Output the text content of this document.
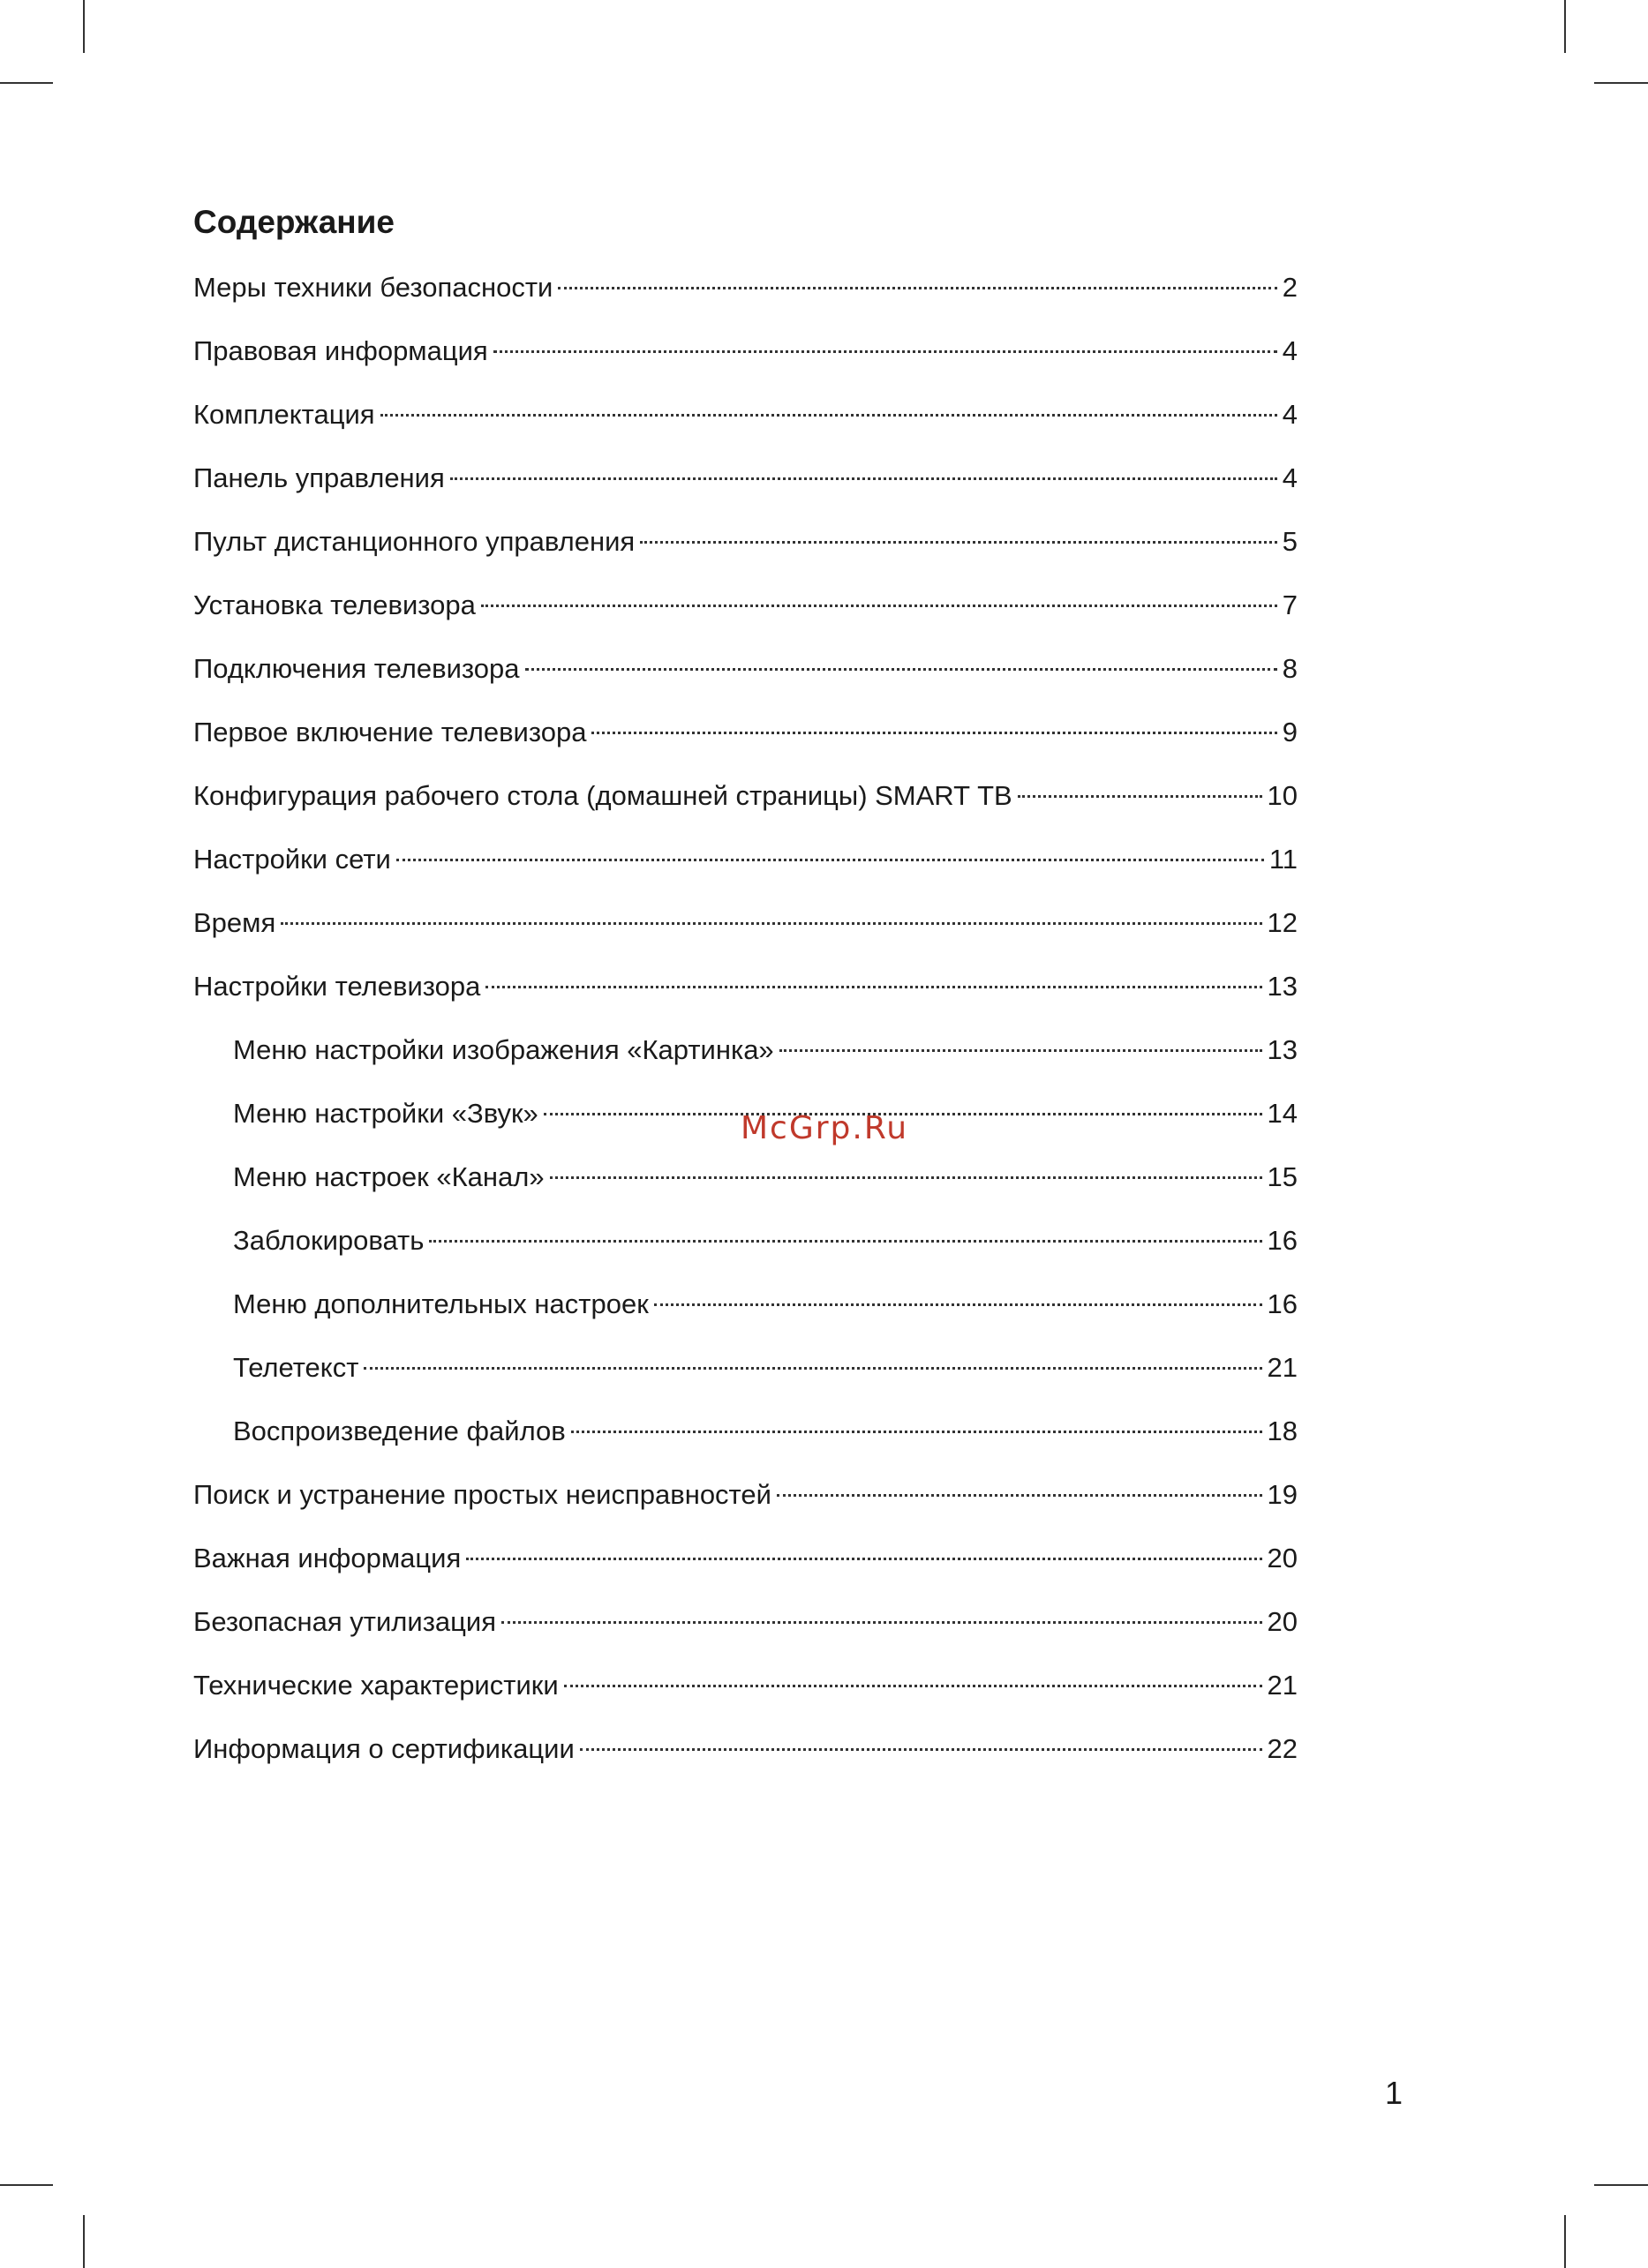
Содержание
Меры техники безопасности	2
Правовая информация	4
Комплектация	4
Панель управления	4
Пульт дистанционного управления	5
Установка телевизора	7
Подключения телевизора	8
Первое включение телевизора	9
Конфигурация рабочего стола (домашней страницы) SMART ТВ	10
Настройки сети	11
Время	12
Настройки телевизора	13
Меню настройки изображения «Картинка»	13
Меню настройки «Звук»	14
Меню настроек «Канал»	15
Заблокировать	16
Меню дополнительных настроек	16
Телетекст	21
Воспроизведение файлов	18
Поиск и устранение простых неисправностей	19
Важная информация	20
Безопасная утилизация	20
Технические характеристики	21
Информация о сертификации	22
McGrp.Ru
1
